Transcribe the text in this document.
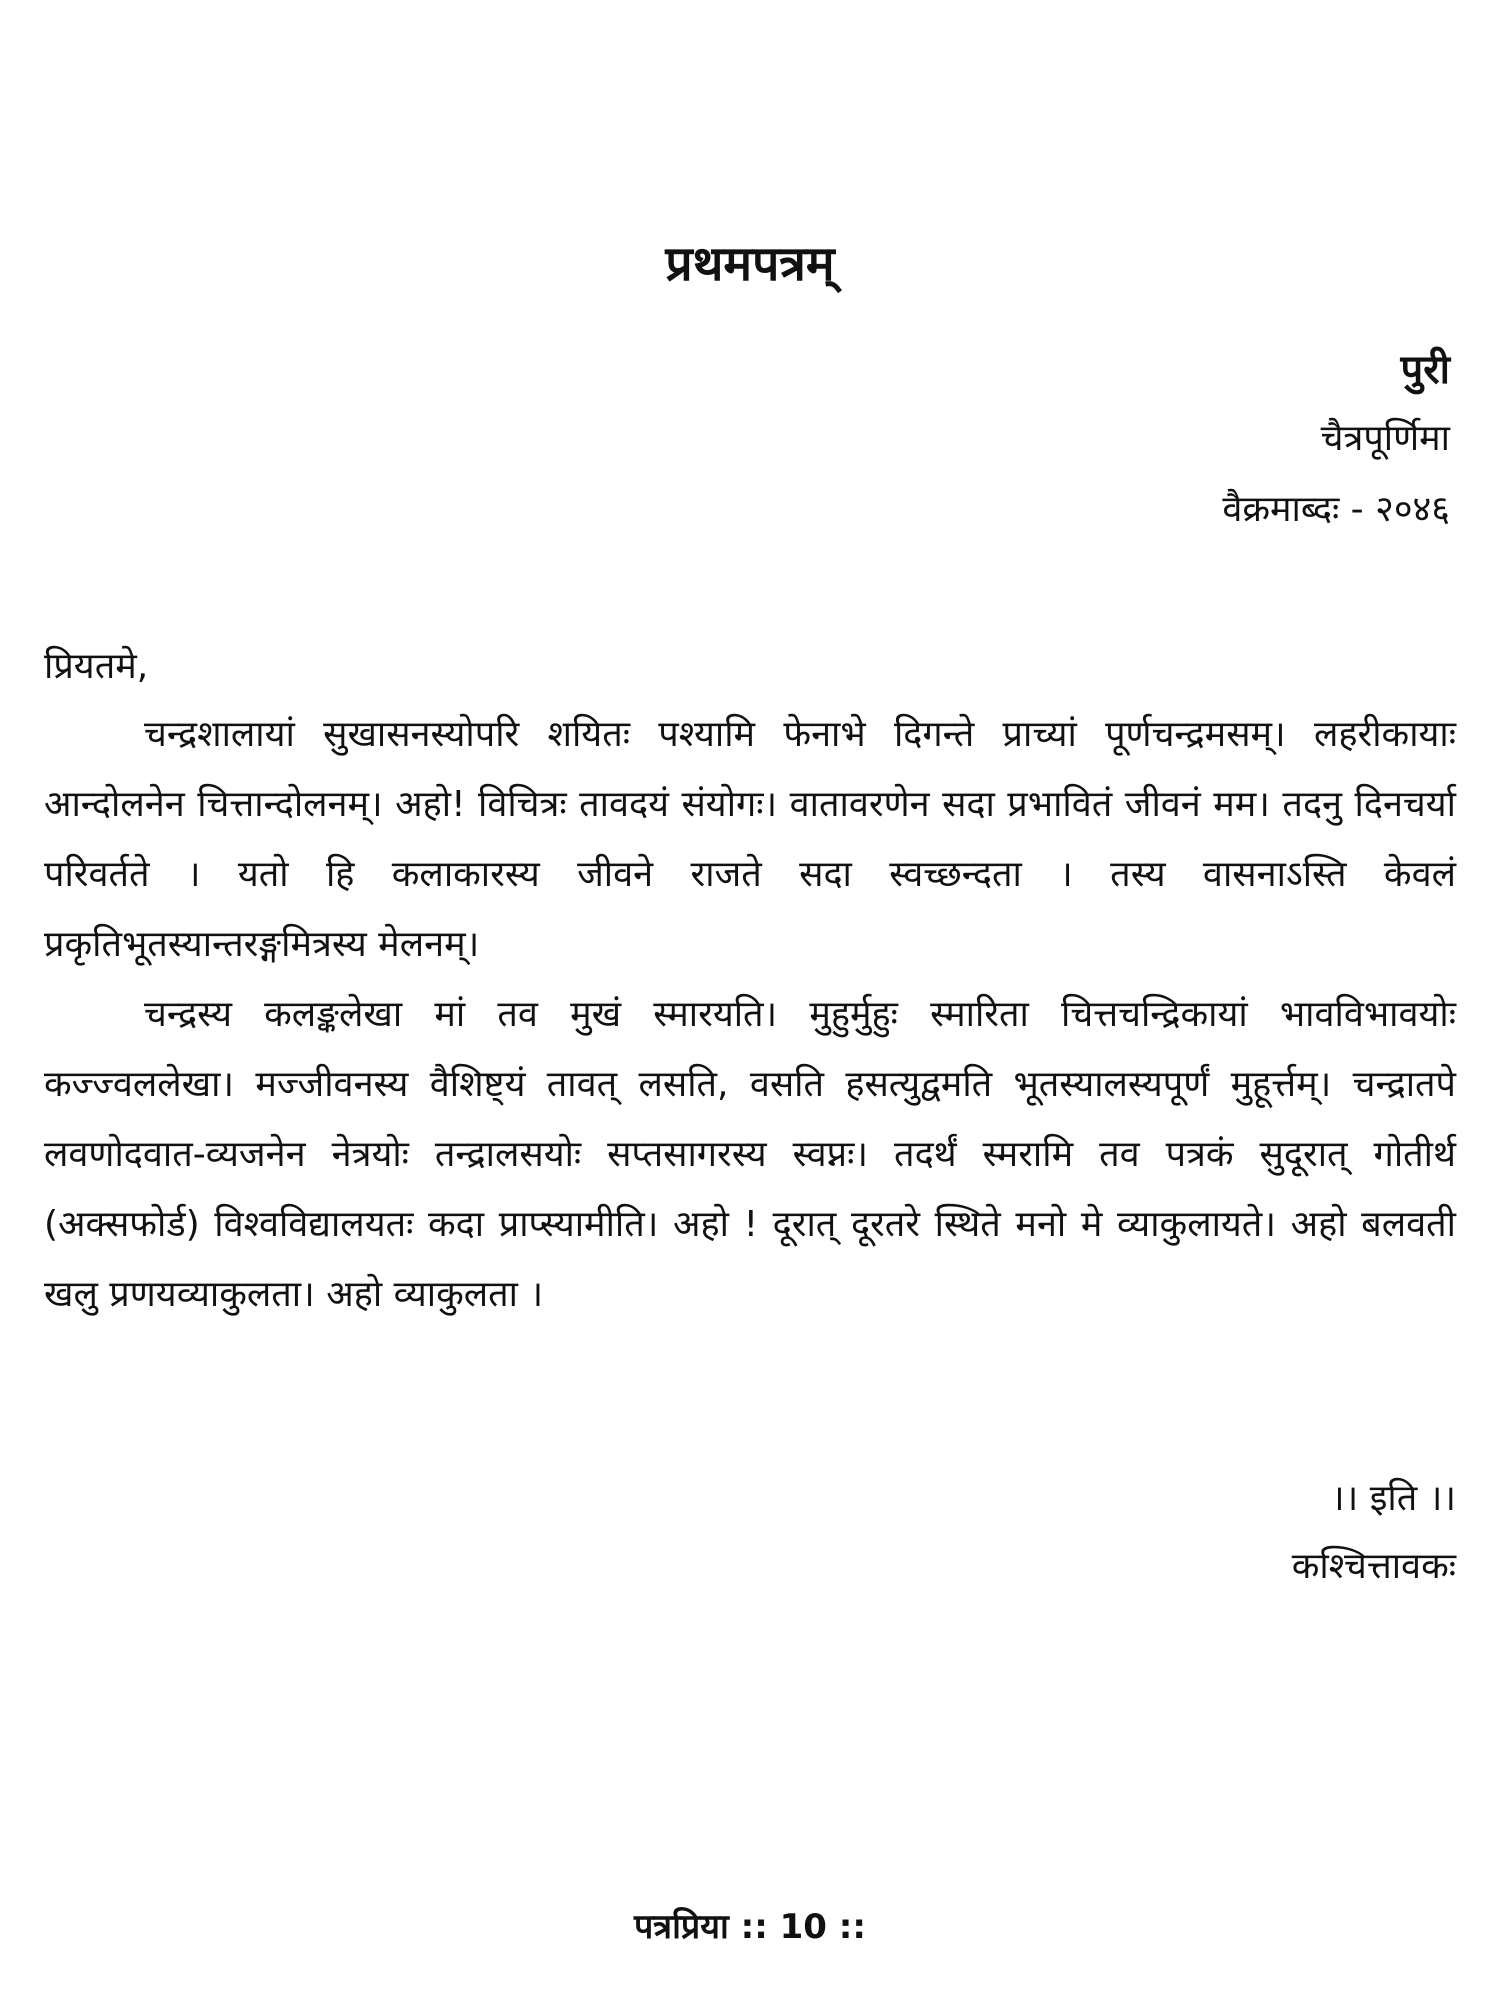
प्रथमपत्रम्
पुरी
चैत्रपूर्णिमा
वैक्रमाब्दः - २०४६
प्रियतमे,

चन्द्रशालायां सुखासनस्योपरि शयितः पश्यामि फेनाभे दिगन्ते प्राच्यां पूर्णचन्द्रमसम्। लहरीकायाः आन्दोलनेन चित्तान्दोलनम्। अहो! विचित्रः तावदयं संयोगः। वातावरणेन सदा प्रभावितं जीवनं मम। तदनु दिनचर्या परिवर्तते । यतो हि कलाकारस्य जीवने राजते सदा स्वच्छन्दता । तस्य वासनाऽस्ति केवलं प्रकृतिभूतस्यान्तरङ्गमित्रस्य मेलनम्।

चन्द्रस्य कलङ्कलेखा मां तव मुखं स्मारयति। मुहुर्मुहुः स्मारिता चित्तचन्द्रिकायां भावविभावयोः कज्ज्वललेखा। मज्जीवनस्य वैशिष्ट्यं तावत् लसति, वसति हसत्युद्वमति भूतस्यालस्यपूर्णं मुहूर्त्तम्। चन्द्रातपे लवणोदवात-व्यजनेन नेत्रयोः तन्द्रालसयोः सप्तसागरस्य स्वप्नः। तदर्थं स्मरामि तव पत्रकं सुदूरात् गोतीर्थ (अक्सफोर्ड) विश्वविद्यालयतः कदा प्राप्स्यामीति। अहो ! दूरात् दूरतरे स्थिते मनो मे व्याकुलायते। अहो बलवती खलु प्रणयव्याकुलता। अहो व्याकुलता ।

।। इति ।।
कश्चित्तावकः
पत्रप्रिया :: 10 ::
